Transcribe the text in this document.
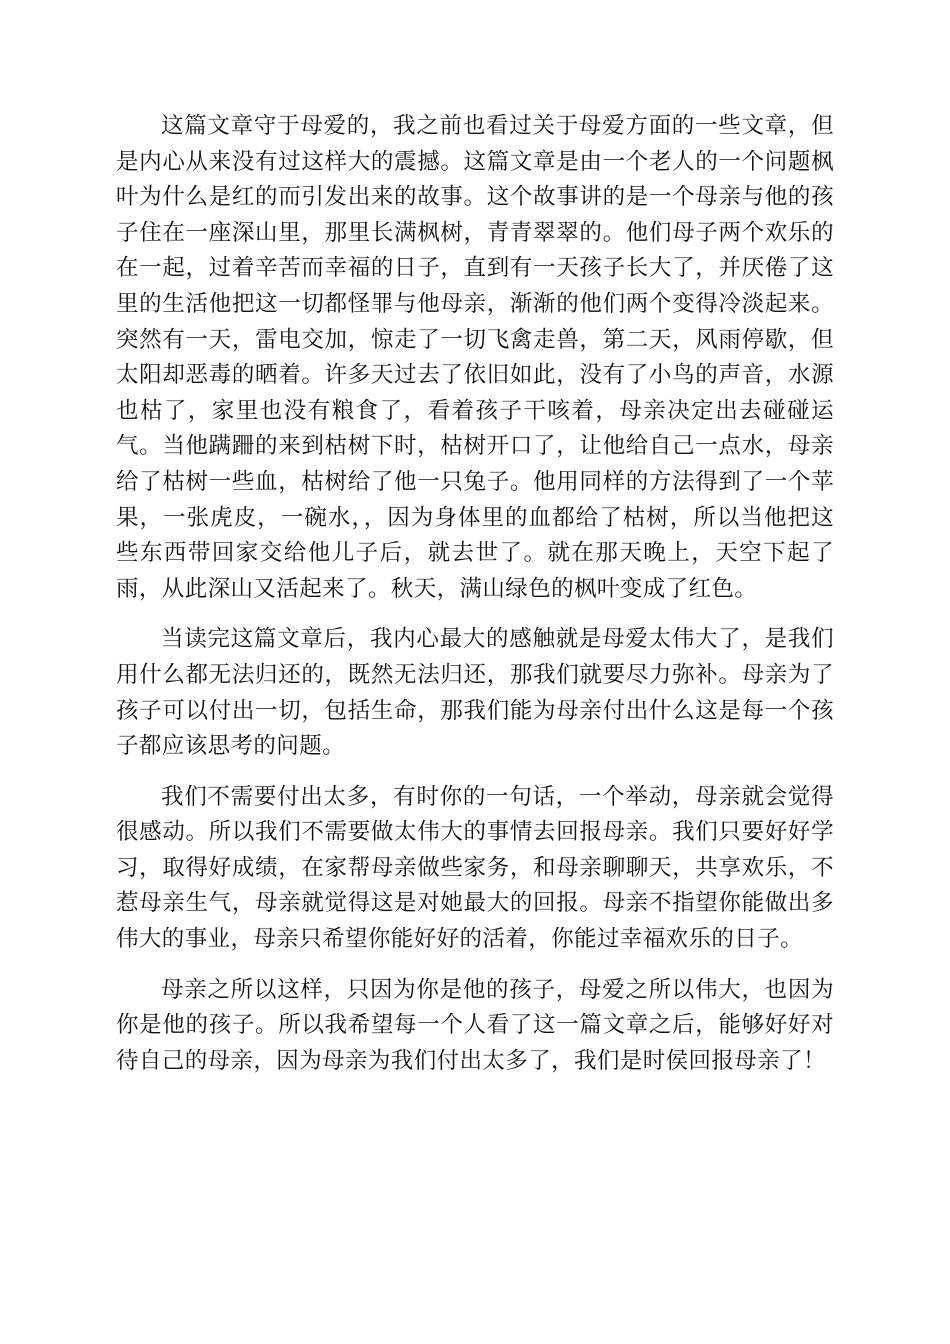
这篇文章守于母爱的，我之前也看过关于母爱方面的一些文章，但是内心从来没有过这样大的震撼。这篇文章是由一个老人的一个问题枫叶为什么是红的而引发出来的故事。这个故事讲的是一个母亲与他的孩子住在一座深山里，那里长满枫树，青青翠翠的。他们母子两个欢乐的在一起，过着辛苦而幸福的日子，直到有一天孩子长大了，并厌倦了这里的生活他把这一切都怪罪与他母亲，渐渐的他们两个变得冷淡起来。突然有一天，雷电交加，惊走了一切飞禽走兽，第二天，风雨停歇，但太阳却恶毒的晒着。许多天过去了依旧如此，没有了小鸟的声音，水源也枯了，家里也没有粮食了，看着孩子干咳着，母亲决定出去碰碰运气。当他蹒跚的来到枯树下时，枯树开口了，让他给自己一点水，母亲给了枯树一些血，枯树给了他一只兔子。他用同样的方法得到了一个苹果，一张虎皮，一碗水，，因为身体里的血都给了枯树，所以当他把这些东西带回家交给他儿子后，就去世了。就在那天晚上，天空下起了雨，从此深山又活起来了。秋天，满山绿色的枫叶变成了红色。

当读完这篇文章后，我内心最大的感触就是母爱太伟大了，是我们用什么都无法归还的，既然无法归还，那我们就要尽力弥补。母亲为了孩子可以付出一切，包括生命，那我们能为母亲付出什么这是每一个孩子都应该思考的问题。

我们不需要付出太多，有时你的一句话，一个举动，母亲就会觉得很感动。所以我们不需要做太伟大的事情去回报母亲。我们只要好好学习，取得好成绩，在家帮母亲做些家务，和母亲聊聊天，共享欢乐，不惹母亲生气，母亲就觉得这是对她最大的回报。母亲不指望你能做出多伟大的事业，母亲只希望你能好好的活着，你能过幸福欢乐的日子。

母亲之所以这样，只因为你是他的孩子，母爱之所以伟大，也因为你是他的孩子。所以我希望每一个人看了这一篇文章之后，能够好好对待自己的母亲，因为母亲为我们付出太多了，我们是时侯回报母亲了！
